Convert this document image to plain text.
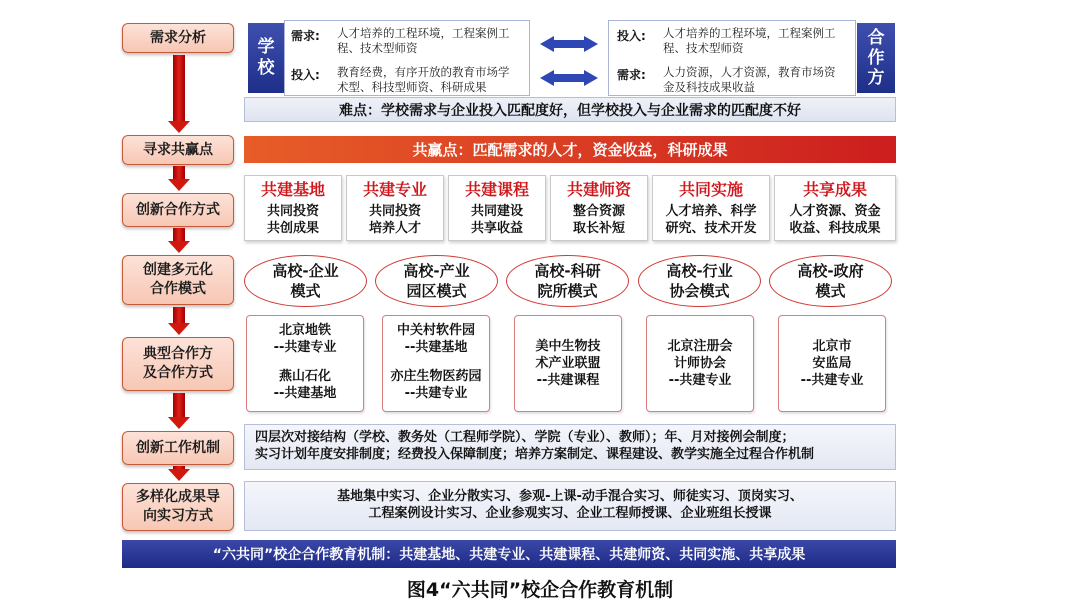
需求分析
寻求共赢点
创新合作方式
创建多元化
合作模式
典型合作方
及合作方式
创新工作机制
多样化成果导
向实习方式
学
校
需求: 人才培养的工程环境，工程案例工
程、技术型师资
投入: 教育经费，有序开放的教育市场学
术型、科技型师资、科研成果
投入: 人才培养的工程环境，工程案例工
程、技术型师资
需求: 人力资源，人才资源，教育市场资
金及科技成果收益
合
作
方
难点：学校需求与企业投入匹配度好，但学校投入与企业需求的匹配度不好
共赢点：匹配需求的人才，资金收益，科研成果
共建基地
共同投资
共创成果
共建专业
共同投资
培养人才
共建课程
共同建设
共享收益
共建师资
整合资源
取长补短
共同实施
人才培养、科学
研究、技术开发
共享成果
人才资源、资金
收益、科技成果
高校-企业
模式
高校-产业
园区模式
高校-科研
院所模式
高校-行业
协会模式
高校-政府
模式
北京地铁
--共建专业
燕山石化
--共建基地
中关村软件园
--共建基地
亦庄生物医药园
--共建专业
美中生物技
术产业联盟
--共建课程
北京注册会
计师协会
--共建专业
北京市
安监局
--共建专业
四层次对接结构（学校、教务处（工程师学院）、学院（专业）、教师）；年、月对接例会制度；
实习计划年度安排制度；经费投入保障制度；培养方案制定、课程建设、教学实施全过程合作机制
基地集中实习、企业分散实习、参观-上课-动手混合实习、师徒实习、顶岗实习、
工程案例设计实习、企业参观实习、企业工程师授课、企业班组长授课
“六共同”校企合作教育机制：共建基地、共建专业、共建课程、共建师资、共同实施、共享成果
图4“六共同”校企合作教育机制
